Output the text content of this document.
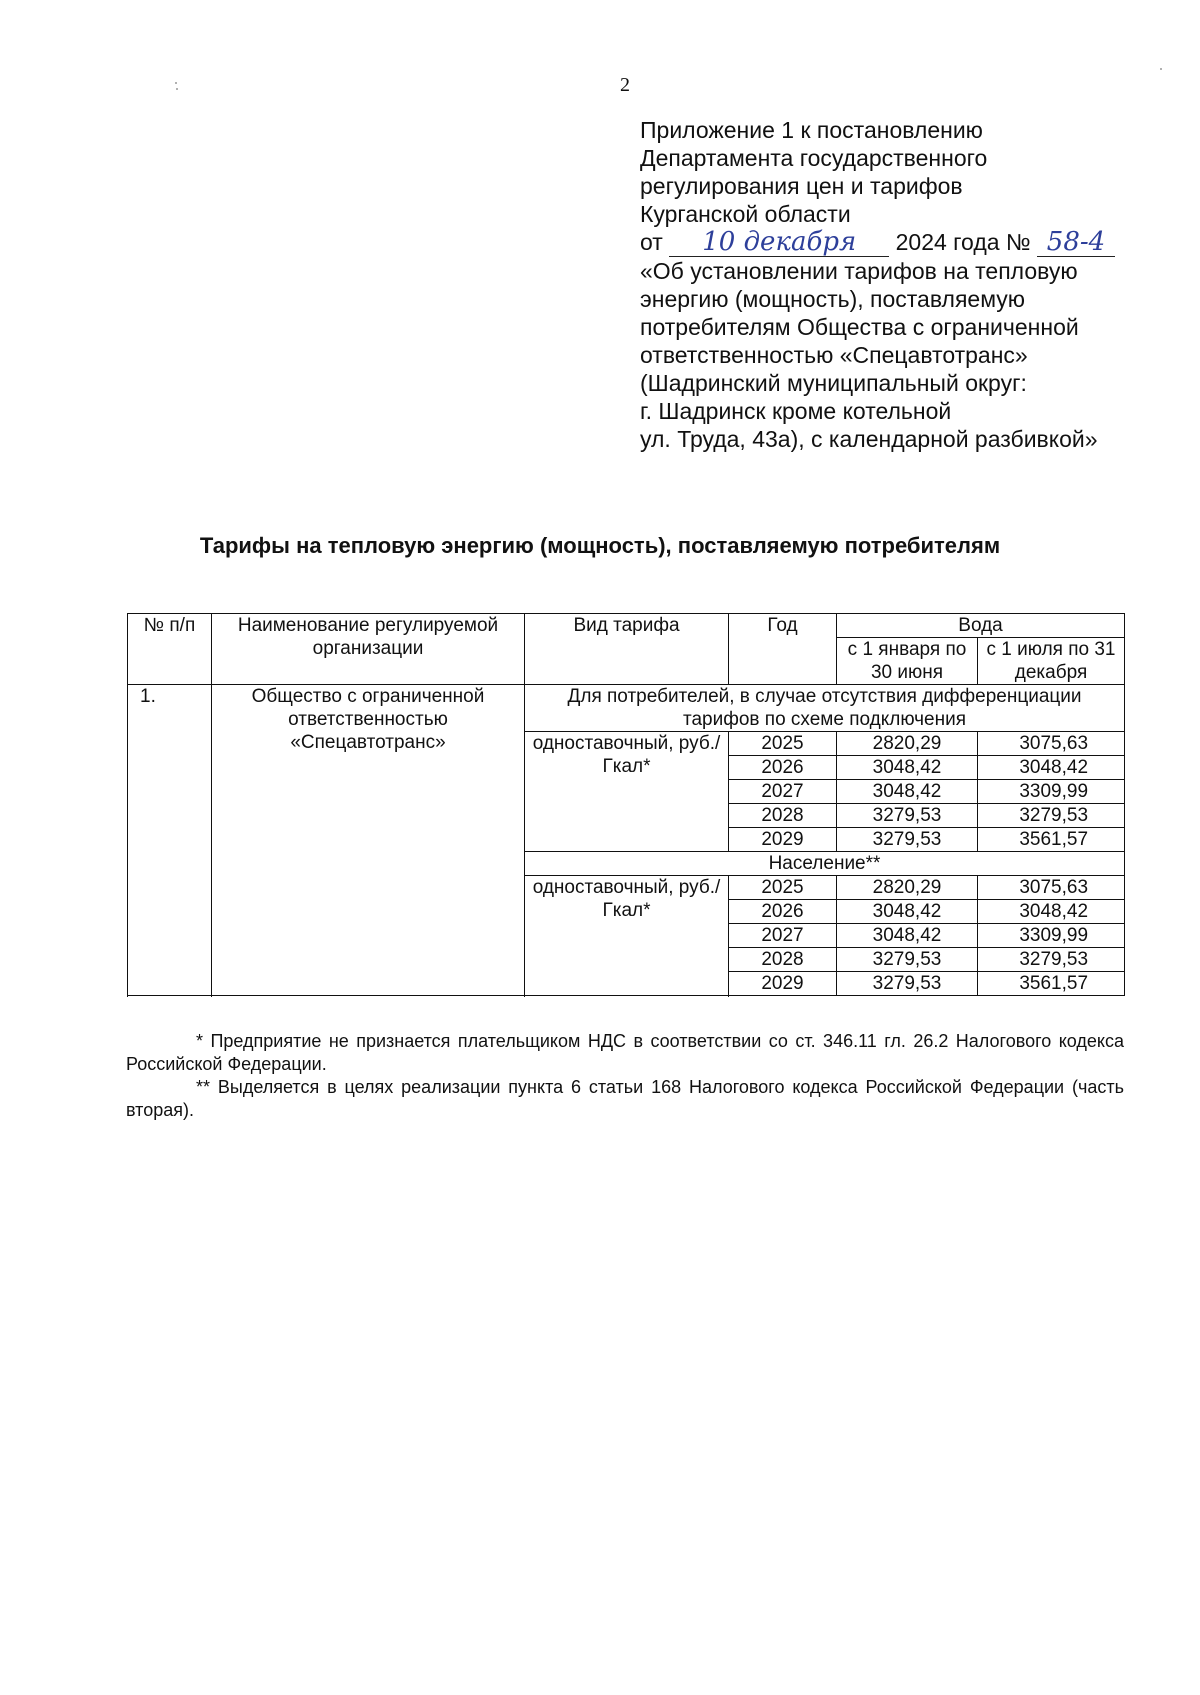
2
Приложение 1 к постановлению
Департамента государственного
регулирования цен и тарифов
Курганской области
от 10 декабря 2024 года № 58-4
«Об установлении тарифов на тепловую
энергию (мощность), поставляемую
потребителям Общества с ограниченной
ответственностью «Спецавтотранс»
(Шадринский муниципальный округ:
г. Шадринск кроме котельной
ул. Труда, 43а), с календарной разбивкой»
Тарифы на тепловую энергию (мощность), поставляемую потребителям
№ п/п	Наименование регулируемой организации	Вид тарифа	Год	Вода	
				с 1 января по 30 июня	с 1 июля по 31 декабря

1.	Общество с ограниченной ответственностью «Спецавтотранс»	Для потребителей, в случае отсутствия дифференциации тарифов по схеме подключения			
		одноставочный, руб./Гкал*	2025	2820,29	3075,63
			2026	3048,42	3048,42
			2027	3048,42	3309,99
			2028	3279,53	3279,53
			2029	3279,53	3561,57
		Население**			
		одноставочный, руб./Гкал*	2025	2820,29	3075,63
			2026	3048,42	3048,42
			2027	3048,42	3309,99
			2028	3279,53	3279,53
			2029	3279,53	3561,57

* Предприятие не признается плательщиком НДС в соответствии со ст. 346.11 гл. 26.2 Налогового кодекса Российской Федерации.

** Выделяется в целях реализации пункта 6 статьи 168 Налогового кодекса Российской Федерации (часть вторая).
